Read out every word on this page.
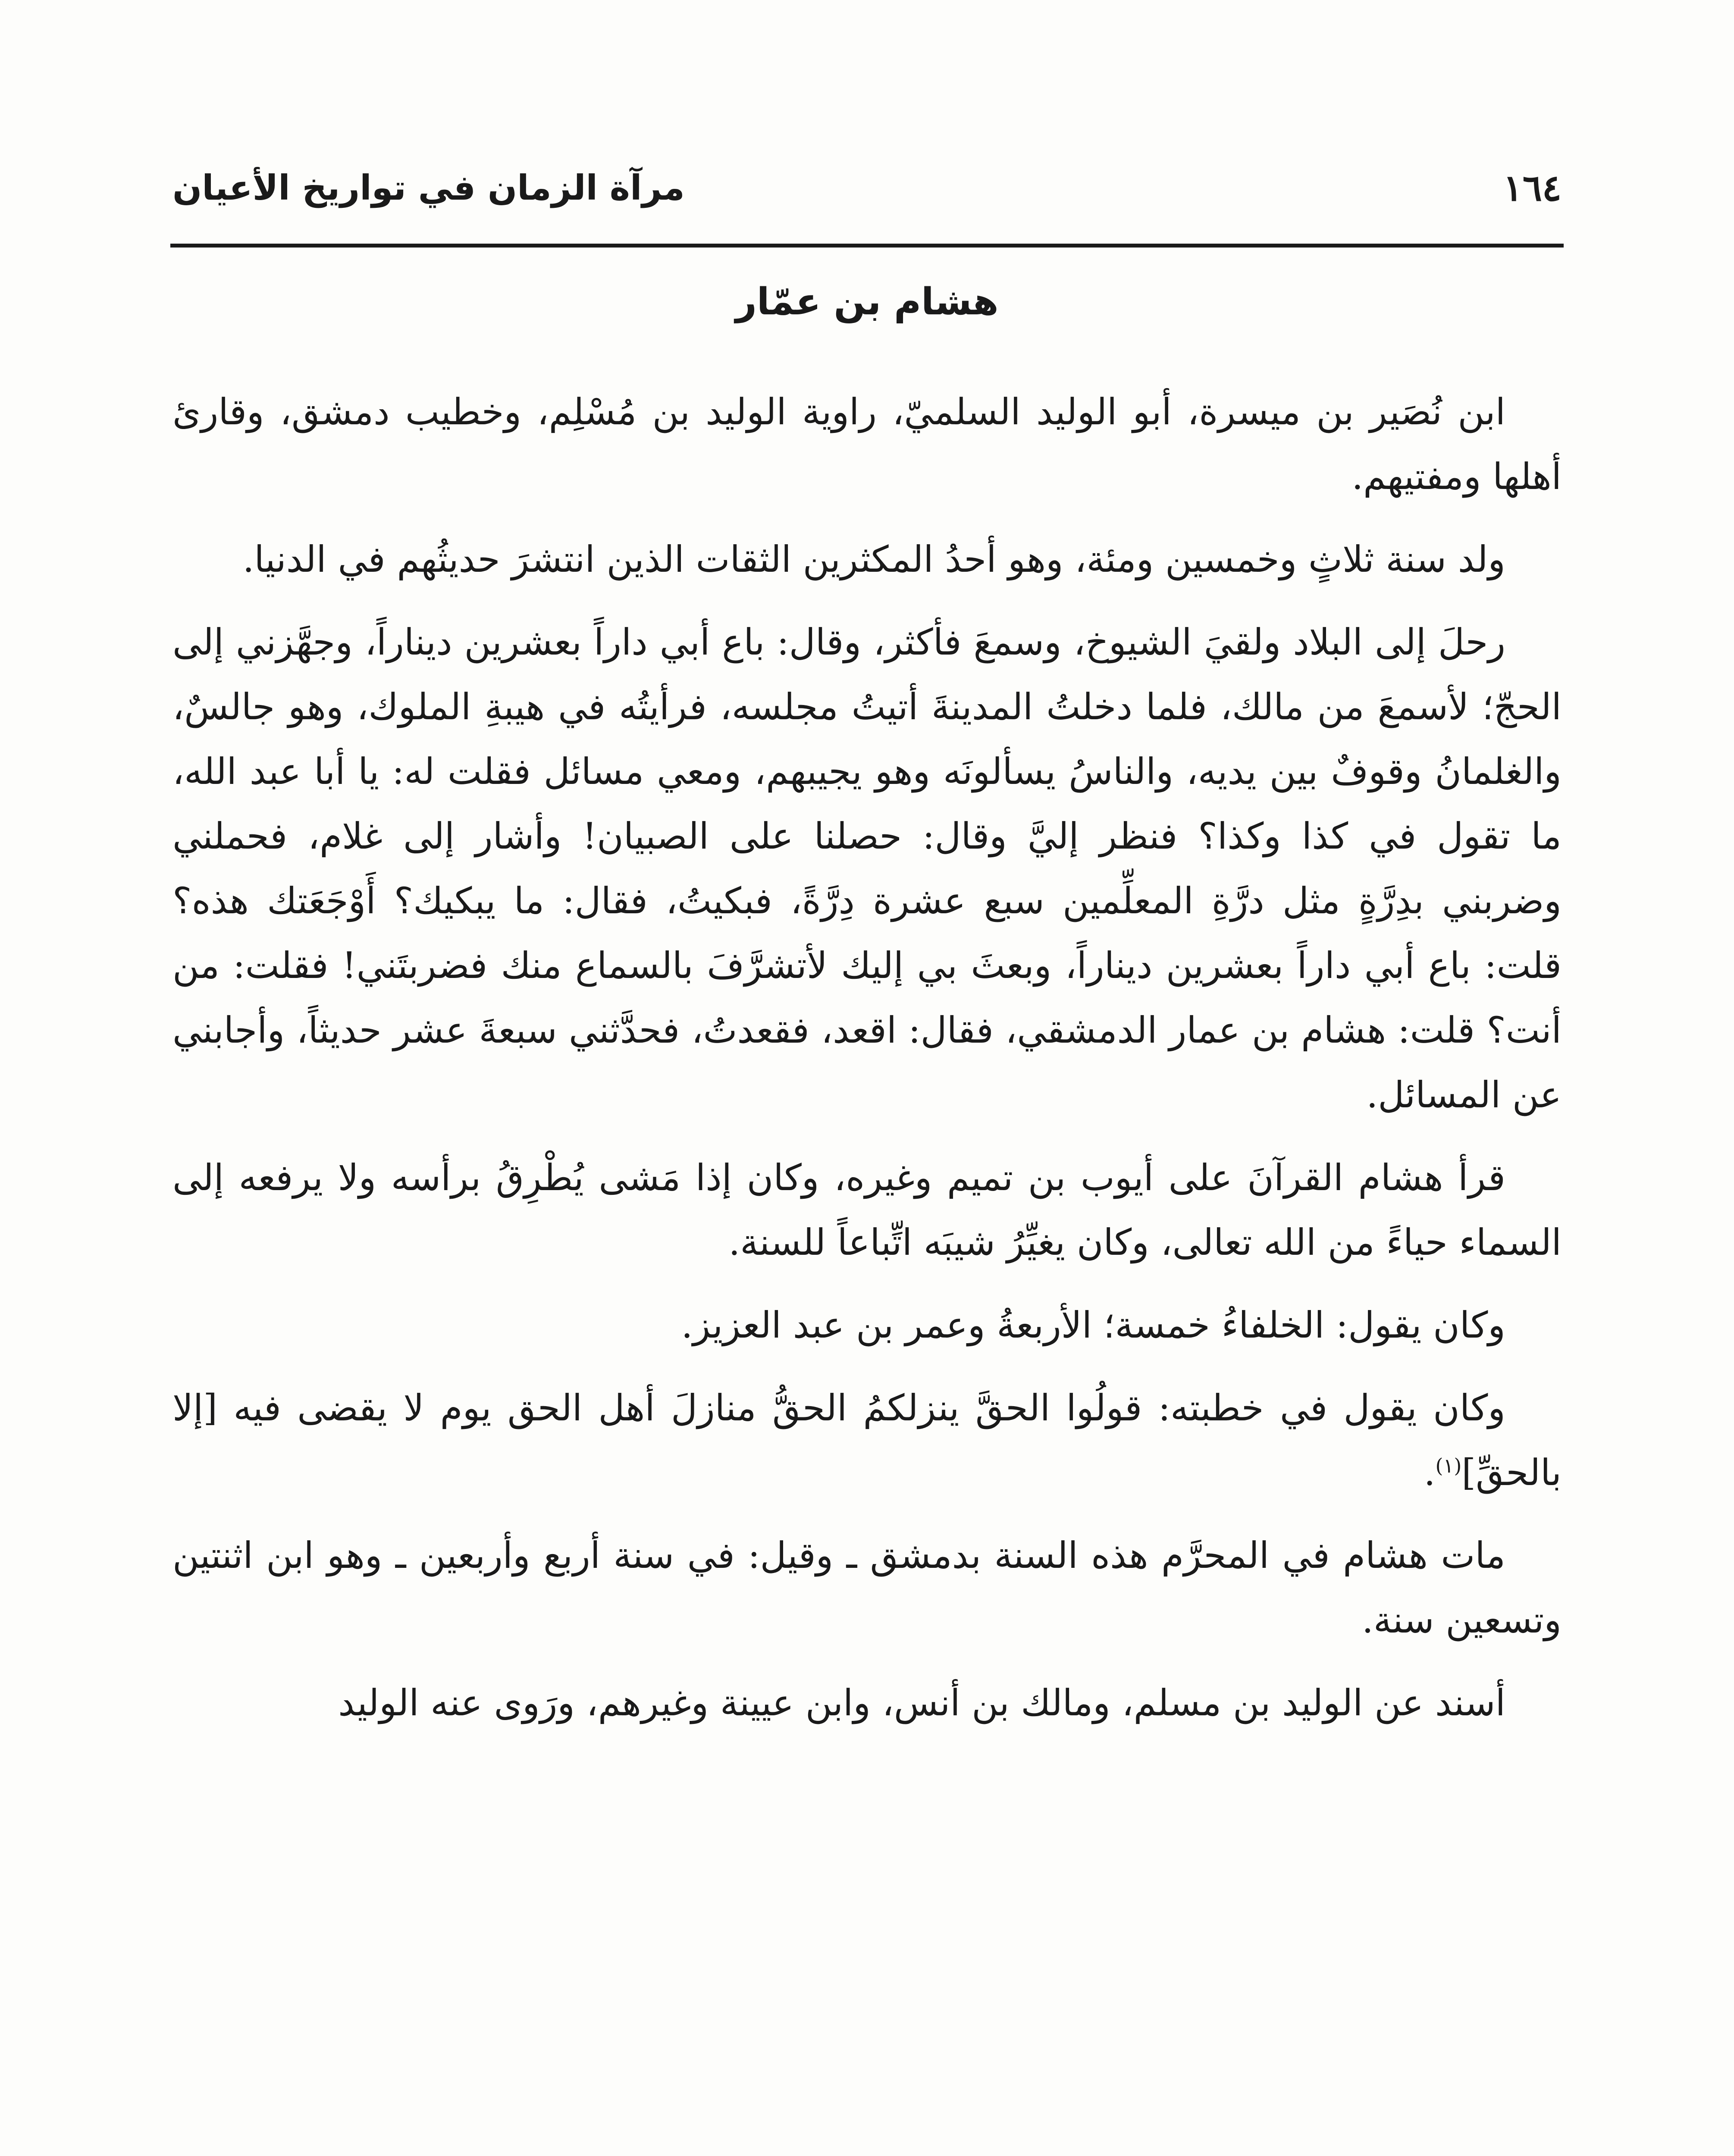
١٦٤
مرآة الزمان في تواريخ الأعيان
هشام بن عمّار

ابن نُصَير بن ميسرة، أبو الوليد السلميّ، راوية الوليد بن مُسْلِم، وخطيب دمشق، وقارئ أهلها ومفتيهم.

ولد سنة ثلاثٍ وخمسين ومئة، وهو أحدُ المكثرين الثقات الذين انتشرَ حديثُهم في الدنيا.

رحلَ إلى البلاد ولقيَ الشيوخ، وسمعَ فأكثر، وقال: باع أبي داراً بعشرين ديناراً، وجهَّزني إلى الحجّ؛ لأسمعَ من مالك، فلما دخلتُ المدينةَ أتيتُ مجلسه، فرأيتُه في هيبةِ الملوك، وهو جالسٌ، والغلمانُ وقوفٌ بين يديه، والناسُ يسألونَه وهو يجيبهم، ومعي مسائل فقلت له: يا أبا عبد الله، ما تقول في كذا وكذا؟ فنظر إليَّ وقال: حصلنا على الصبيان! وأشار إلى غلام، فحملني وضربني بدِرَّةٍ مثل درَّةِ المعلِّمين سبع عشرة دِرَّةً، فبكيتُ، فقال: ما يبكيك؟ أَوْجَعَتك هذه؟ قلت: باع أبي داراً بعشرين ديناراً، وبعثَ بي إليك لأتشرَّفَ بالسماع منك فضربتَني! فقلت: من أنت؟ قلت: هشام بن عمار الدمشقي، فقال: اقعد، فقعدتُ، فحدَّثني سبعةَ عشر حديثاً، وأجابني عن المسائل.

قرأ هشام القرآنَ على أيوب بن تميم وغيره، وكان إذا مَشى يُطْرِقُ برأسه ولا يرفعه إلى السماء حياءً من الله تعالى، وكان يغيِّرُ شيبَه اتِّباعاً للسنة.

وكان يقول: الخلفاءُ خمسة؛ الأربعةُ وعمر بن عبد العزيز.

وكان يقول في خطبته: قولُوا الحقَّ ينزلكمُ الحقُّ منازلَ أهل الحق يوم لا يقضى فيه [إلا بالحقِّ]$^{(١)}$.

مات هشام في المحرَّم هذه السنة بدمشق ـ وقيل: في سنة أربع وأربعين ـ وهو ابن اثنتين وتسعين سنة.

أسند عن الوليد بن مسلم، ومالك بن أنس، وابن عيينة وغيرهم، ورَوى عنه الوليد
